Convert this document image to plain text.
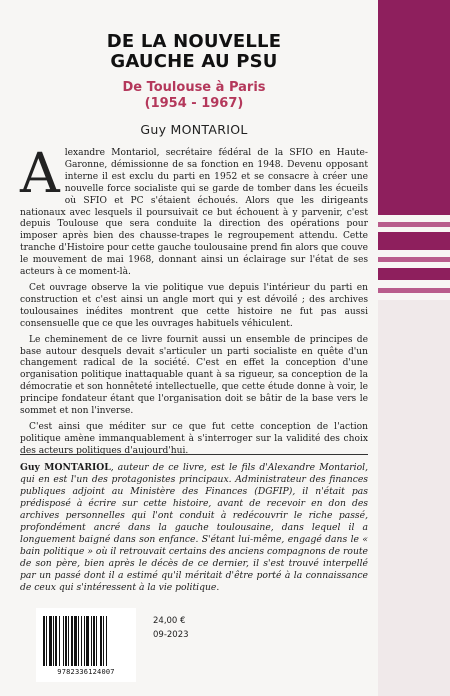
DE LA NOUVELLE
GAUCHE AU PSU
De Toulouse à Paris
(1954 - 1967)
Guy MONTARIOL

Alexandre Montariol, secrétaire fédéral de la SFIO en Haute-Garonne, démissionne de sa fonction en 1948. Devenu opposant interne il est exclu du parti en 1952 et se consacre à créer une nouvelle force socialiste qui se garde de tomber dans les écueils où SFIO et PC s'étaient échoués. Alors que les dirigeants nationaux avec lesquels il poursuivait ce but échouent à y parvenir, c'est depuis Toulouse que sera conduite la direction des opérations pour imposer après bien des chausse-trapes le regroupement attendu. Cette tranche d'Histoire pour cette gauche toulousaine prend fin alors que couve le mouvement de mai 1968, donnant ainsi un éclairage sur l'état de ses acteurs à ce moment-là.

Cet ouvrage observe la vie politique vue depuis l'intérieur du parti en construction et c'est ainsi un angle mort qui y est dévoilé ; des archives toulousaines inédites montrent que cette histoire ne fut pas aussi consensuelle que ce que les ouvrages habituels véhiculent.

Le cheminement de ce livre fournit aussi un ensemble de principes de base autour desquels devait s'articuler un parti socialiste en quête d'un changement radical de la société. C'est en effet la conception d'une organisation politique inattaquable quant à sa rigueur, sa conception de la démocratie et son honnêteté intellectuelle, que cette étude donne à voir, le principe fondateur étant que l'organisation doit se bâtir de la base vers le sommet et non l'inverse.

C'est ainsi que méditer sur ce que fut cette conception de l'action politique amène immanquablement à s'interroger sur la validité des choix des acteurs politiques d'aujourd'hui.

Guy MONTARIOL, auteur de ce livre, est le fils d'Alexandre Montariol, qui en est l'un des protagonistes principaux. Administrateur des finances publiques adjoint au Ministère des Finances (DGFIP), il n'était pas prédisposé à écrire sur cette histoire, avant de recevoir en don des archives personnelles qui l'ont conduit à redécouvrir le riche passé, profondément ancré dans la gauche toulousaine, dans lequel il a longuement baigné dans son enfance. S'étant lui-même, engagé dans le « bain politique » où il retrouvait certains des anciens compagnons de route de son père, bien après le décès de ce dernier, il s'est trouvé interpellé par un passé dont il a estimé qu'il méritait d'être porté à la connaissance de ceux qui s'intéressent à la vie politique.
9782336124007
24,00 €
09-2023
